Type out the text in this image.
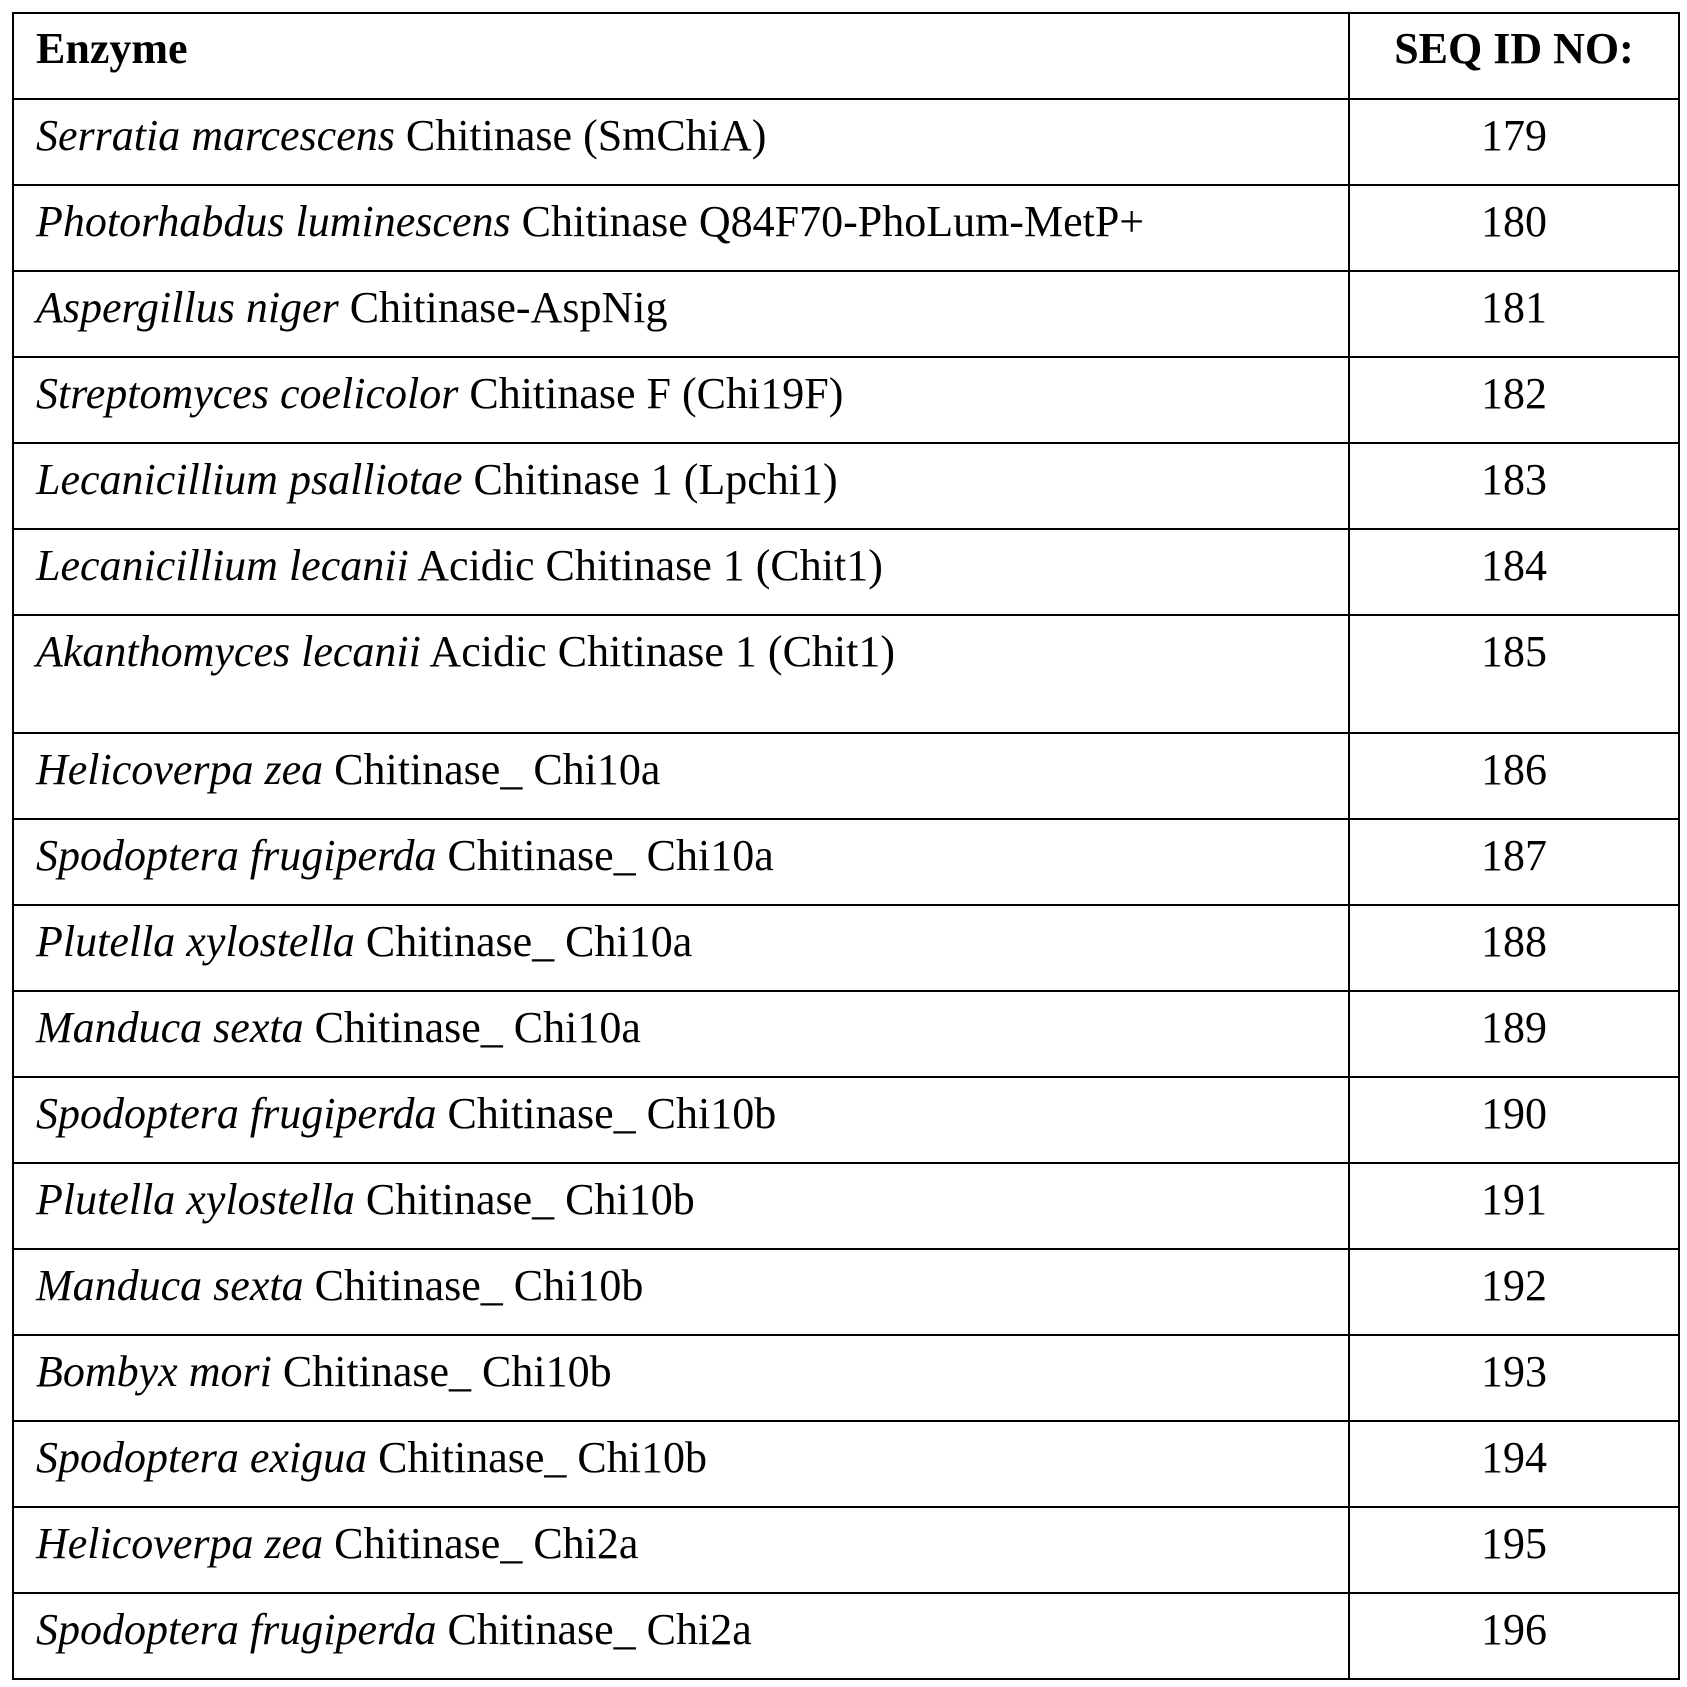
Enzyme	SEQ ID NO:

Serratia marcescens Chitinase (SmChiA)	179

Photorhabdus luminescens Chitinase Q84F70-PhoLum-MetP+	180

Aspergillus niger Chitinase-AspNig	181

Streptomyces coelicolor Chitinase F (Chi19F)	182

Lecanicillium psalliotae Chitinase 1 (Lpchi1)	183

Lecanicillium lecanii Acidic Chitinase 1 (Chit1)	184

Akanthomyces lecanii Acidic Chitinase 1 (Chit1)	185

Helicoverpa zea Chitinase_ Chi10a	186

Spodoptera frugiperda Chitinase_ Chi10a	187

Plutella xylostella Chitinase_ Chi10a	188

Manduca sexta Chitinase_ Chi10a	189

Spodoptera frugiperda Chitinase_ Chi10b	190

Plutella xylostella Chitinase_ Chi10b	191

Manduca sexta Chitinase_ Chi10b	192

Bombyx mori Chitinase_ Chi10b	193

Spodoptera exigua Chitinase_ Chi10b	194

Helicoverpa zea Chitinase_ Chi2a	195

Spodoptera frugiperda Chitinase_ Chi2a	196
